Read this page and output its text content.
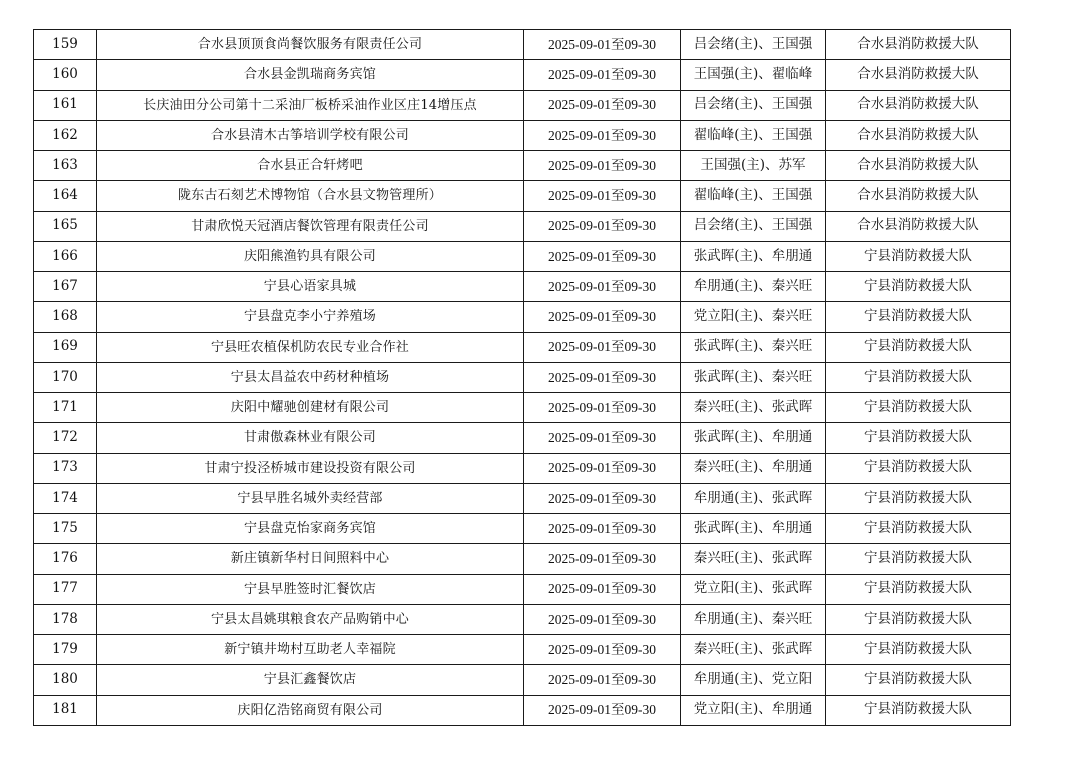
159	合水县顶顶食尚餐饮服务有限责任公司	2025-09-01至09-30	吕会绪(主)、王国强	合水县消防救援大队
160	合水县金凯瑞商务宾馆	2025-09-01至09-30	王国强(主)、翟临峰	合水县消防救援大队
161	长庆油田分公司第十二采油厂板桥采油作业区庄14增压点	2025-09-01至09-30	吕会绪(主)、王国强	合水县消防救援大队
162	合水县清木古筝培训学校有限公司	2025-09-01至09-30	翟临峰(主)、王国强	合水县消防救援大队
163	合水县正合轩烤吧	2025-09-01至09-30	王国强(主)、苏军	合水县消防救援大队
164	陇东古石刻艺术博物馆（合水县文物管理所）	2025-09-01至09-30	翟临峰(主)、王国强	合水县消防救援大队
165	甘肃欣悦天冠酒店餐饮管理有限责任公司	2025-09-01至09-30	吕会绪(主)、王国强	合水县消防救援大队
166	庆阳熊渔钓具有限公司	2025-09-01至09-30	张武晖(主)、牟朋通	宁县消防救援大队
167	宁县心语家具城	2025-09-01至09-30	牟朋通(主)、秦兴旺	宁县消防救援大队
168	宁县盘克李小宁养殖场	2025-09-01至09-30	党立阳(主)、秦兴旺	宁县消防救援大队
169	宁县旺农植保机防农民专业合作社	2025-09-01至09-30	张武晖(主)、秦兴旺	宁县消防救援大队
170	宁县太昌益农中药材种植场	2025-09-01至09-30	张武晖(主)、秦兴旺	宁县消防救援大队
171	庆阳中耀驰创建材有限公司	2025-09-01至09-30	秦兴旺(主)、张武晖	宁县消防救援大队
172	甘肃傲森林业有限公司	2025-09-01至09-30	张武晖(主)、牟朋通	宁县消防救援大队
173	甘肃宁投泾桥城市建设投资有限公司	2025-09-01至09-30	秦兴旺(主)、牟朋通	宁县消防救援大队
174	宁县早胜名城外卖经营部	2025-09-01至09-30	牟朋通(主)、张武晖	宁县消防救援大队
175	宁县盘克怡家商务宾馆	2025-09-01至09-30	张武晖(主)、牟朋通	宁县消防救援大队
176	新庄镇新华村日间照料中心	2025-09-01至09-30	秦兴旺(主)、张武晖	宁县消防救援大队
177	宁县早胜签时汇餐饮店	2025-09-01至09-30	党立阳(主)、张武晖	宁县消防救援大队
178	宁县太昌姚琪粮食农产品购销中心	2025-09-01至09-30	牟朋通(主)、秦兴旺	宁县消防救援大队
179	新宁镇井坳村互助老人幸福院	2025-09-01至09-30	秦兴旺(主)、张武晖	宁县消防救援大队
180	宁县汇鑫餐饮店	2025-09-01至09-30	牟朋通(主)、党立阳	宁县消防救援大队
181	庆阳亿浩铭商贸有限公司	2025-09-01至09-30	党立阳(主)、牟朋通	宁县消防救援大队
